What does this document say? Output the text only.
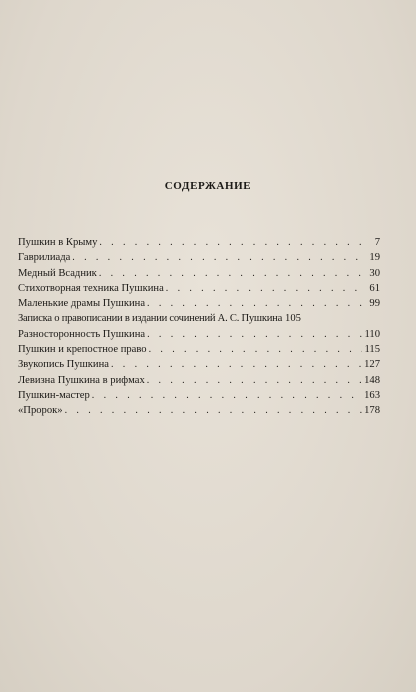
СОДЕРЖАНИЕ
Пушкин в Крыму . . .	7
Гаврилиада . . .	19
Медный Всадник . . .	30
Стихотворная техника Пушкина . . .	61
Маленькие драмы Пушкина . . .	99
Записка о правописании в издании сочинений А. С. Пушкина 105
Разносторонность Пушкина . . .	110
Пушкин и крепостное право . . .	115
Звукопись Пушкина . . .	127
Левизна Пушкина в рифмах . . .	148
Пушкин-мастер . . .	163
«Пророк» . . .	178
